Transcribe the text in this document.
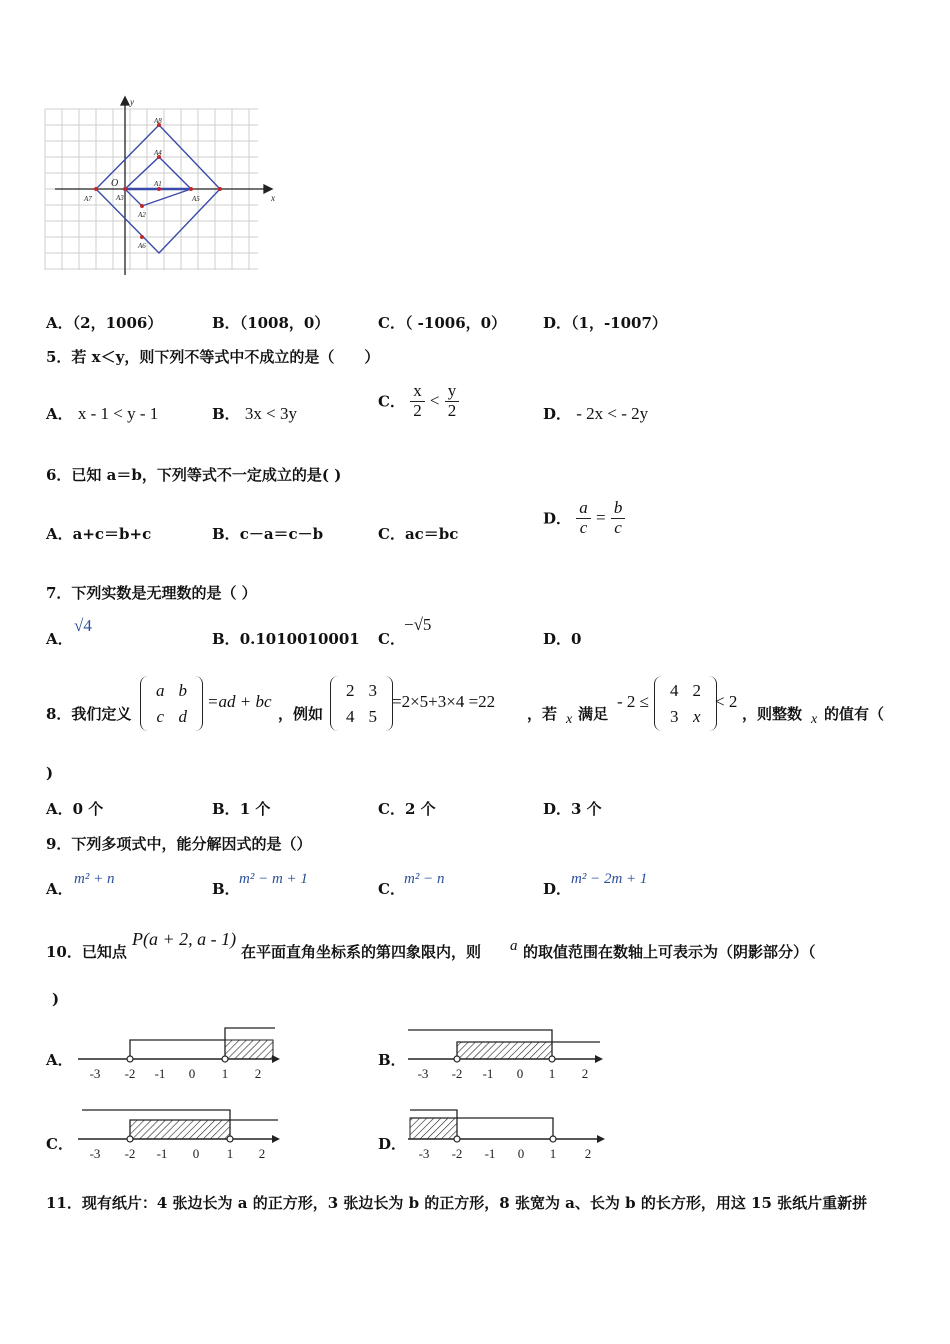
x
y
O
A8
A4
A1
A7	A3	A5
A2
A6
A．（2，1006）	B．（1008，0）	C．（ -1006，0） D．（1，-1007）
5．若 x＜y，则下列不等式中不成立的是（　　）
A． x - 1 < y - 1	B． 3x < 3y
C． $\frac{x}{2} < \frac{y}{2}$	D． - 2x < - 2y
6．已知 a＝b，下列等式不一定成立的是( )
A．a+c＝b+c	B．c－a＝c－b	C．ac＝bc
D． $\frac{a}{c} = \frac{b}{c}$
7．下列实数是无理数的是（ ）
A．
√4
B．0.1010010001 C．
−√5
D．0
8．我们定义
a	b
c	d
=ad + bc
，例如
2	3
4	5
=2×5+3×4 =22
，若 x 满足
- 2 ≤
4	2
3	x
< 2
，则整数 x 的值有（
)
A．0 个	B．1 个	C．2 个	D．3 个
9．下列多项式中，能分解因式的是（）
A．
m² + n
B．
m² − m + 1
C．
m² − n
D．
m² − 2m + 1
10．已知点
P(a + 2, a - 1)
在平面直角坐标系的第四象限内，则 a 的取值范围在数轴上可表示为（阴影部分）（
)
A．
-3 -2 -1 0 1 2
B．
-3 -2 -1 0 1 2
C．
-3 -2 -1 0 1 2
D．
-3 -2 -1 0 1 2
11．现有纸片：4 张边长为 a 的正方形，3 张边长为 b 的正方形，8 张宽为 a、长为 b 的长方形，用这 15 张纸片重新拼
